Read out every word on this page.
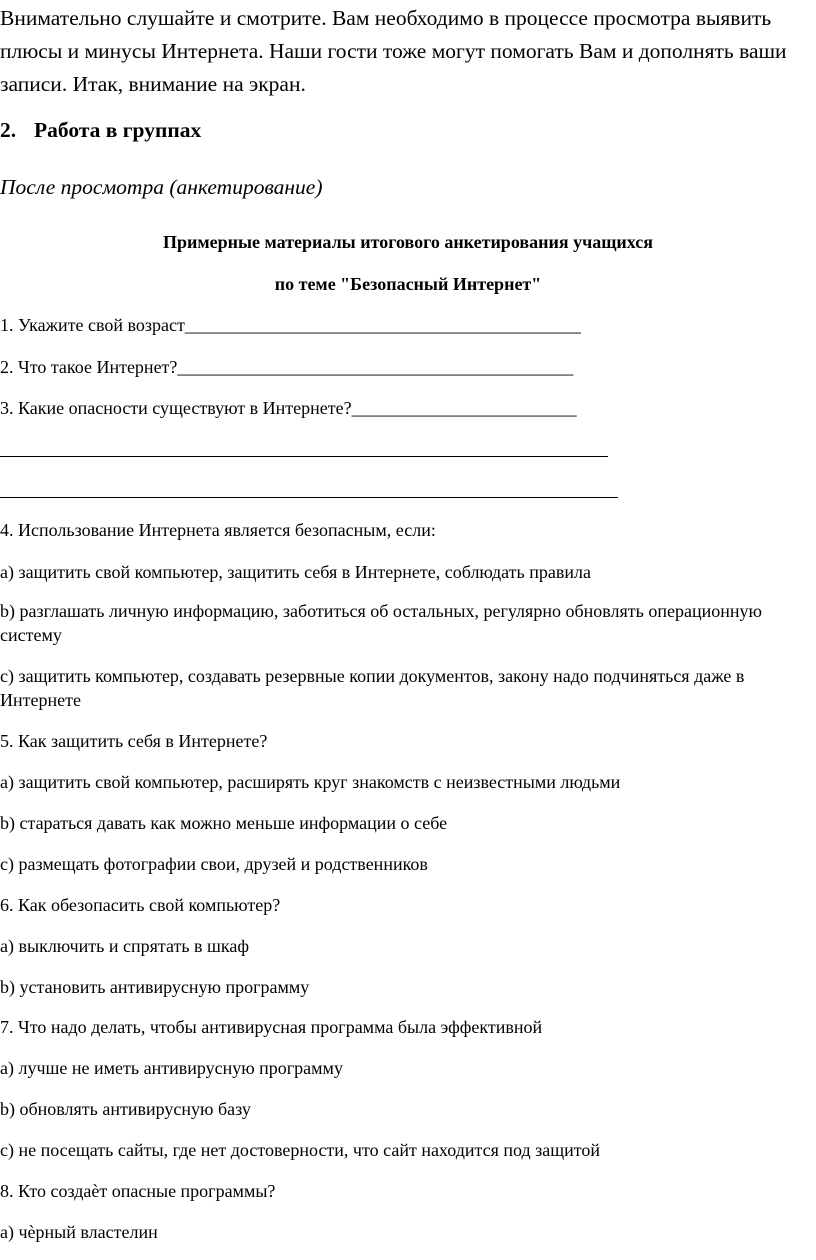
Внимательно слушайте и смотрите. Вам необходимо в процессе просмотра выявить плюсы и минусы Интернета. Наши гости тоже могут помогать Вам и дополнять ваши записи. Итак, внимание на экран.

2. Работа в группах

После просмотра (анкетирование)

Примерные материалы итогового анкетирования учащихся

по теме "Безопасный Интернет"

1. Укажите свой возраст____________________________________________

2. Что такое Интернет?____________________________________________

3. Какие опасности существуют в Интернете?_________________________

4. Использование Интернета является безопасным, если:

a) защитить свой компьютер, защитить себя в Интернете, соблюдать правила

b) разглашать личную информацию, заботиться об остальных, регулярно обновлять операционную систему

c) защитить компьютер, создавать резервные копии документов, закону надо подчиняться даже в Интернете

5. Как защитить себя в Интернете?

a) защитить свой компьютер, расширять круг знакомств с неизвестными людьми

b) стараться давать как можно меньше информации о себе

c) размещать фотографии свои, друзей и родственников

6. Как обезопасить свой компьютер?

a) выключить и спрятать в шкаф

b) установить антивирусную программу

7. Что надо делать, чтобы антивирусная программа была эффективной

a) лучше не иметь антивирусную программу

b) обновлять антивирусную базу

c) не посещать сайты, где нет достоверности, что сайт находится под защитой

8. Кто создаѐт опасные программы?

a) чѐрный властелин
